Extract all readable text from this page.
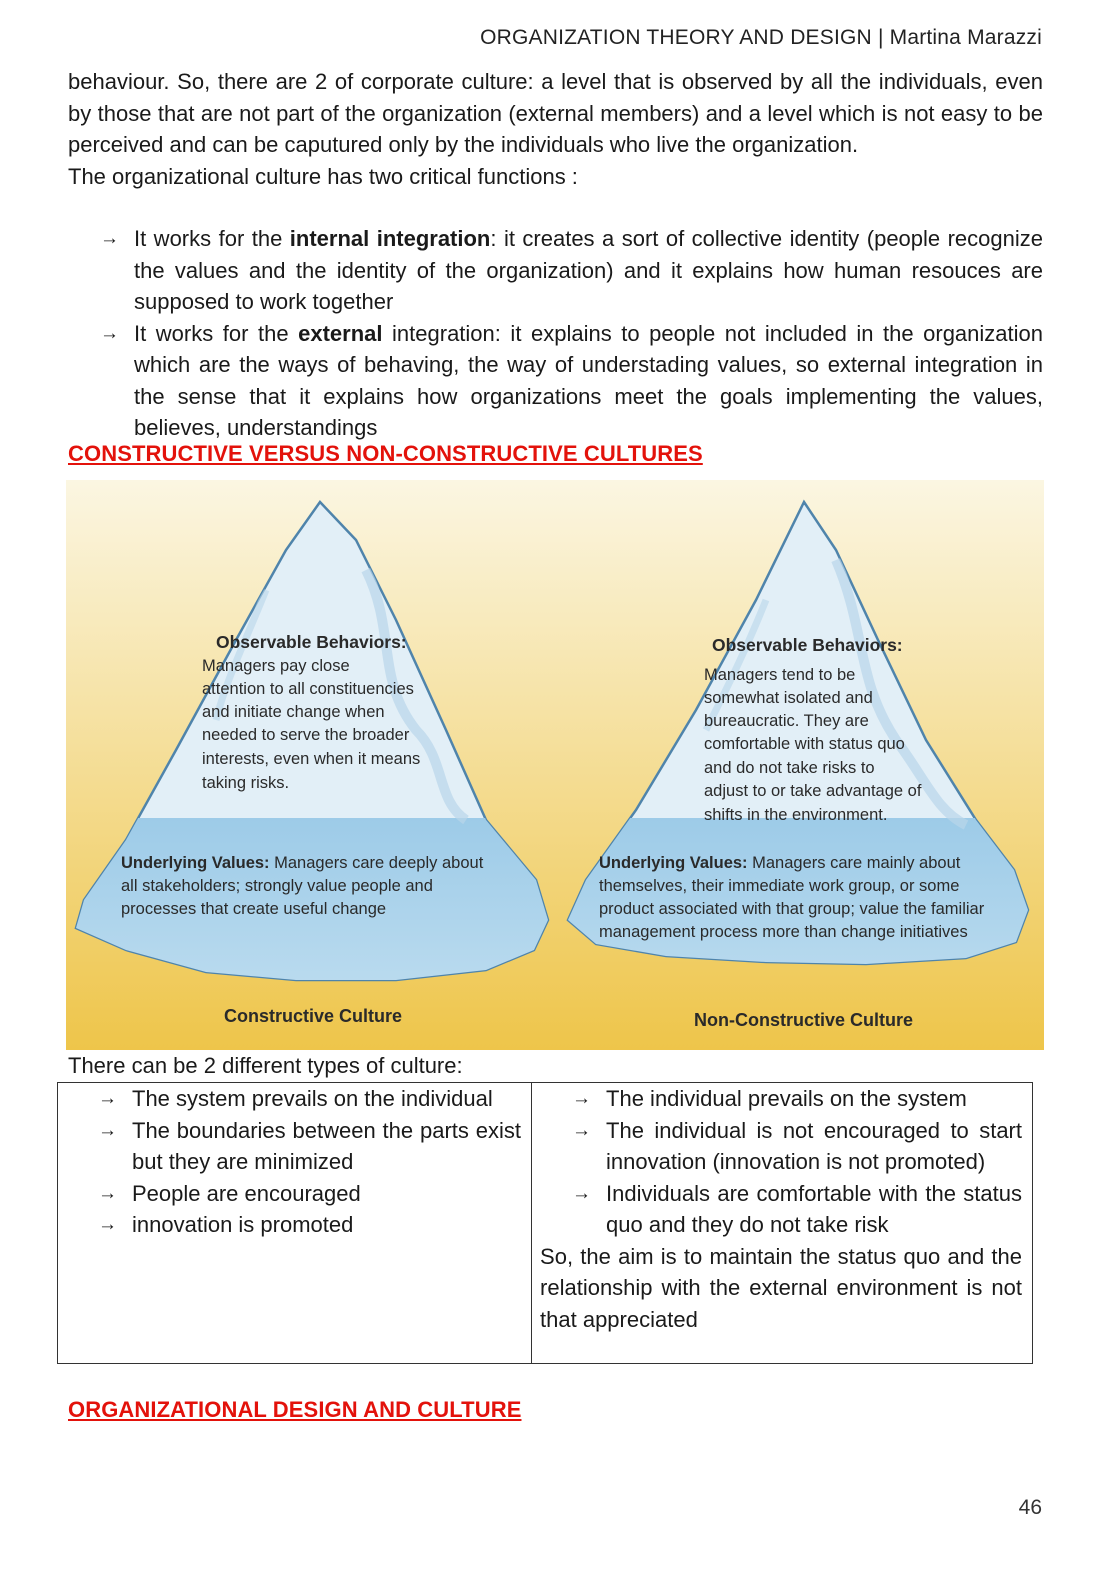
ORGANIZATION THEORY AND DESIGN | Martina Marazzi
behaviour. So, there are 2 of corporate culture: a level that is observed by all the individuals, even by those that are not part of the organization (external members) and a level which is not easy to be perceived and can be caputured only by the individuals who live the organization.
The organizational culture has two critical functions :
→ It works for the internal integration: it creates a sort of collective identity (people recognize the values and the identity of the organization) and it explains how human resouces are supposed to work together
→ It works for the external integration: it explains to people not included in the organization which are the ways of behaving, the way of understading values, so external integration in the sense that it explains how organizations meet the goals implementing the values, believes, understandings
CONSTRUCTIVE VERSUS NON-CONSTRUCTIVE CULTURES
Observable Behaviors:
Managers pay close
attention to all constituencies
and initiate change when
needed to serve the broader
interests, even when it means
taking risks.
Underlying Values: Managers care deeply about
all stakeholders; strongly value people and
processes that create useful change
Constructive Culture
Observable Behaviors:
Managers tend to be
somewhat isolated and
bureaucratic. They are
comfortable with status quo
and do not take risks to
adjust to or take advantage of
shifts in the environment.
Underlying Values: Managers care mainly about
themselves, their immediate work group, or some
product associated with that group; value the familiar
management process more than change initiatives
Non-Constructive Culture
There can be 2 different types of culture:
→ The system prevails on the individual
→ The boundaries between the parts exist but they are minimized
→ People are encouraged
→ innovation is promoted
→ The individual prevails on the system
→ The individual is not encouraged to start innovation (innovation is not promoted)
→ Individuals are comfortable with the status quo and they do not take risk
So, the aim is to maintain the status quo and the relationship with the external environment is not that appreciated
ORGANIZATIONAL DESIGN AND CULTURE
46
